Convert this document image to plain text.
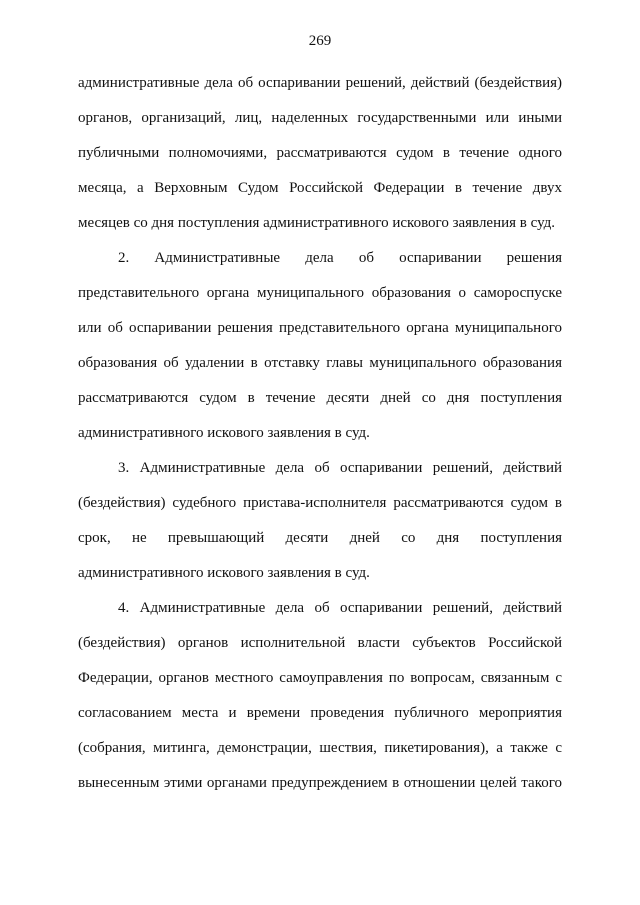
269
административные дела об оспаривании решений, действий (бездействия)
органов, организаций, лиц, наделенных государственными или иными
публичными полномочиями, рассматриваются судом в течение одного
месяца, а Верховным Судом Российской Федерации в течение двух
месяцев со дня поступления административного искового заявления в суд.
2. Административные дела об оспаривании решения
представительного органа муниципального образования о самороспуске
или об оспаривании решения представительного органа муниципального
образования об удалении в отставку главы муниципального образования
рассматриваются судом в течение десяти дней со дня поступления
административного искового заявления в суд.
3. Административные дела об оспаривании решений, действий
(бездействия) судебного пристава-исполнителя рассматриваются судом в
срок, не превышающий десяти дней со дня поступления
административного искового заявления в суд.
4. Административные дела об оспаривании решений, действий
(бездействия) органов исполнительной власти субъектов Российской
Федерации, органов местного самоуправления по вопросам, связанным с
согласованием места и времени проведения публичного мероприятия
(собрания, митинга, демонстрации, шествия, пикетирования), а также с
вынесенным этими органами предупреждением в отношении целей такого
